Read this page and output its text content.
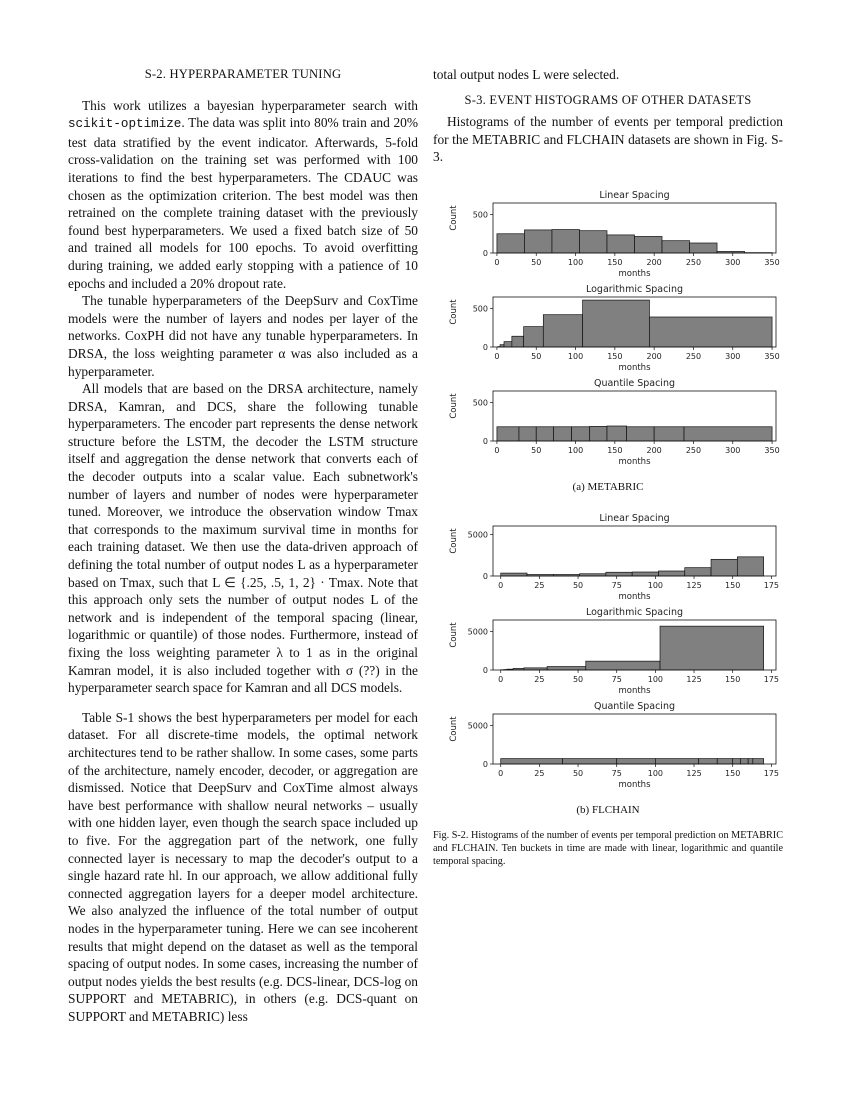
S-2. HYPERPARAMETER TUNING

This work utilizes a bayesian hyperparameter search with scikit-optimize. The data was split into 80% train and 20% test data stratified by the event indicator. Afterwards, 5-fold cross-validation on the training set was performed with 100 iterations to find the best hyperparameters. The CDAUC was chosen as the optimization criterion. The best model was then retrained on the complete training dataset with the previously found best hyperparameters. We used a fixed batch size of 50 and trained all models for 100 epochs. To avoid overfitting during training, we added early stopping with a patience of 10 epochs and included a 20% dropout rate.

The tunable hyperparameters of the DeepSurv and CoxTime models were the number of layers and nodes per layer of the networks. CoxPH did not have any tunable hyperparameters. In DRSA, the loss weighting parameter α was also included as a hyperparameter.

All models that are based on the DRSA architecture, namely DRSA, Kamran, and DCS, share the following tunable hyperparameters. The encoder part represents the dense network structure before the LSTM, the decoder the LSTM structure itself and aggregation the dense network that converts each of the decoder outputs into a scalar value. Each subnetwork's number of layers and number of nodes were hyperparameter tuned. Moreover, we introduce the observation window Tmax that corresponds to the maximum survival time in months for each training dataset. We then use the data-driven approach of defining the total number of output nodes L as a hyperparameter based on Tmax, such that L ∈ {.25, .5, 1, 2} · Tmax. Note that this approach only sets the number of output nodes L of the network and is independent of the temporal spacing (linear, logarithmic or quantile) of those nodes. Furthermore, instead of fixing the loss weighting parameter λ to 1 as in the original Kamran model, it is also included together with σ (??) in the hyperparameter search space for Kamran and all DCS models.

Table S-1 shows the best hyperparameters per model for each dataset. For all discrete-time models, the optimal network architectures tend to be rather shallow. In some cases, some parts of the architecture, namely encoder, decoder, or aggregation are dismissed. Notice that DeepSurv and CoxTime almost always have best performance with shallow neural networks – usually with one hidden layer, even though the search space included up to five. For the aggregation part of the network, one fully connected layer is necessary to map the decoder's output to a single hazard rate hl. In our approach, we allow additional fully connected aggregation layers for a deeper model architecture. We also analyzed the influence of the total number of output nodes in the hyperparameter tuning. Here we can see incoherent results that might depend on the dataset as well as the temporal spacing of output nodes. In some cases, increasing the number of output nodes yields the best results (e.g. DCS-linear, DCS-log on SUPPORT and METABRIC), in others (e.g. DCS-quant on SUPPORT and METABRIC) less

total output nodes L were selected.

S-3. EVENT HISTOGRAMS OF OTHER DATASETS

Histograms of the number of events per temporal prediction for the METABRIC and FLCHAIN datasets are shown in Fig. S-3.

Linear Spacing
0	50	100	150	200	250	300	350
0
500
months
Count
Logarithmic Spacing
0	50	100	150	200	250	300	350
0
500
months
Count
Quantile Spacing
0	50	100	150	200	250	300	350
0
500
months
Count
Linear Spacing
0	25	50	75	100	125	150	175
0
5000
months
Count
Logarithmic Spacing
0	25	50	75	100	125	150	175
0
5000
months
Count
Quantile Spacing
0	25	50	75	100	125	150	175
0
5000
months
Count
(a) METABRIC
(b) FLCHAIN
Fig. S-2. Histograms of the number of events per temporal prediction on METABRIC and FLCHAIN. Ten buckets in time are made with linear, logarithmic and quantile temporal spacing.
